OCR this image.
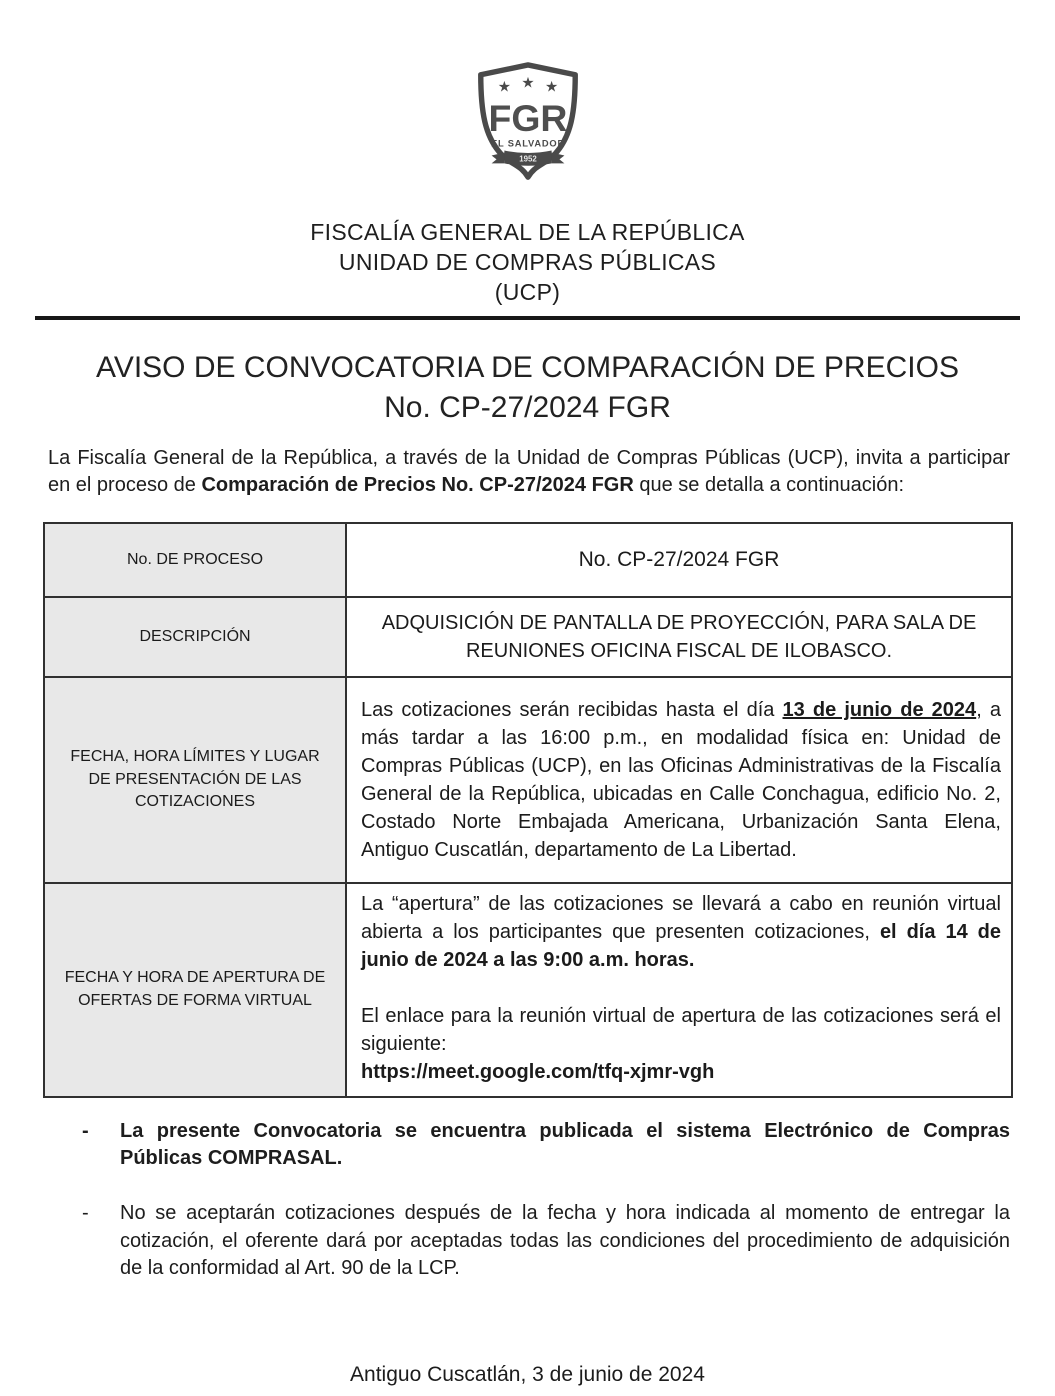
★ ★ ★
FGR
EL SALVADOR
1952
FISCALÍA GENERAL DE LA REPÚBLICA
UNIDAD DE COMPRAS PÚBLICAS
(UCP)
AVISO DE CONVOCATORIA DE COMPARACIÓN DE PRECIOS No. CP-27/2024 FGR

La Fiscalía General de la República, a través de la Unidad de Compras Públicas (UCP), invita a participar en el proceso de Comparación de Precios No. CP-27/2024 FGR que se detalla a continuación:

No. DE PROCESO	No. CP-27/2024 FGR
DESCRIPCIÓN	ADQUISICIÓN DE PANTALLA DE PROYECCIÓN, PARA SALA DE REUNIONES OFICINA FISCAL DE ILOBASCO.
FECHA, HORA LÍMITES Y LUGAR DE PRESENTACIÓN DE LAS COTIZACIONES	Las cotizaciones serán recibidas hasta el día 13 de junio de 2024, a más tardar a las 16:00 p.m., en modalidad física en: Unidad de Compras Públicas (UCP), en las Oficinas Administrativas de la Fiscalía General de la República, ubicadas en Calle Conchagua, edificio No. 2, Costado Norte Embajada Americana, Urbanización Santa Elena, Antiguo Cuscatlán, departamento de La Libertad.

FECHA Y HORA DE APERTURA DE OFERTAS DE FORMA VIRTUAL	La “apertura” de las cotizaciones se llevará a cabo en reunión virtual abierta a los participantes que presenten cotizaciones, el día 14 de junio de 2024 a las 9:00 a.m. horas.

El enlace para la reunión virtual de apertura de las cotizaciones será el siguiente:

https://meet.google.com/tfq-xjmr-vgh

-	La presente Convocatoria se encuentra publicada el sistema Electrónico de Compras Públicas COMPRASAL.
-	No se aceptarán cotizaciones después de la fecha y hora indicada al momento de entregar la cotización, el oferente dará por aceptadas todas las condiciones del procedimiento de adquisición de la conformidad al Art. 90 de la LCP.
Antiguo Cuscatlán, 3 de junio de 2024
